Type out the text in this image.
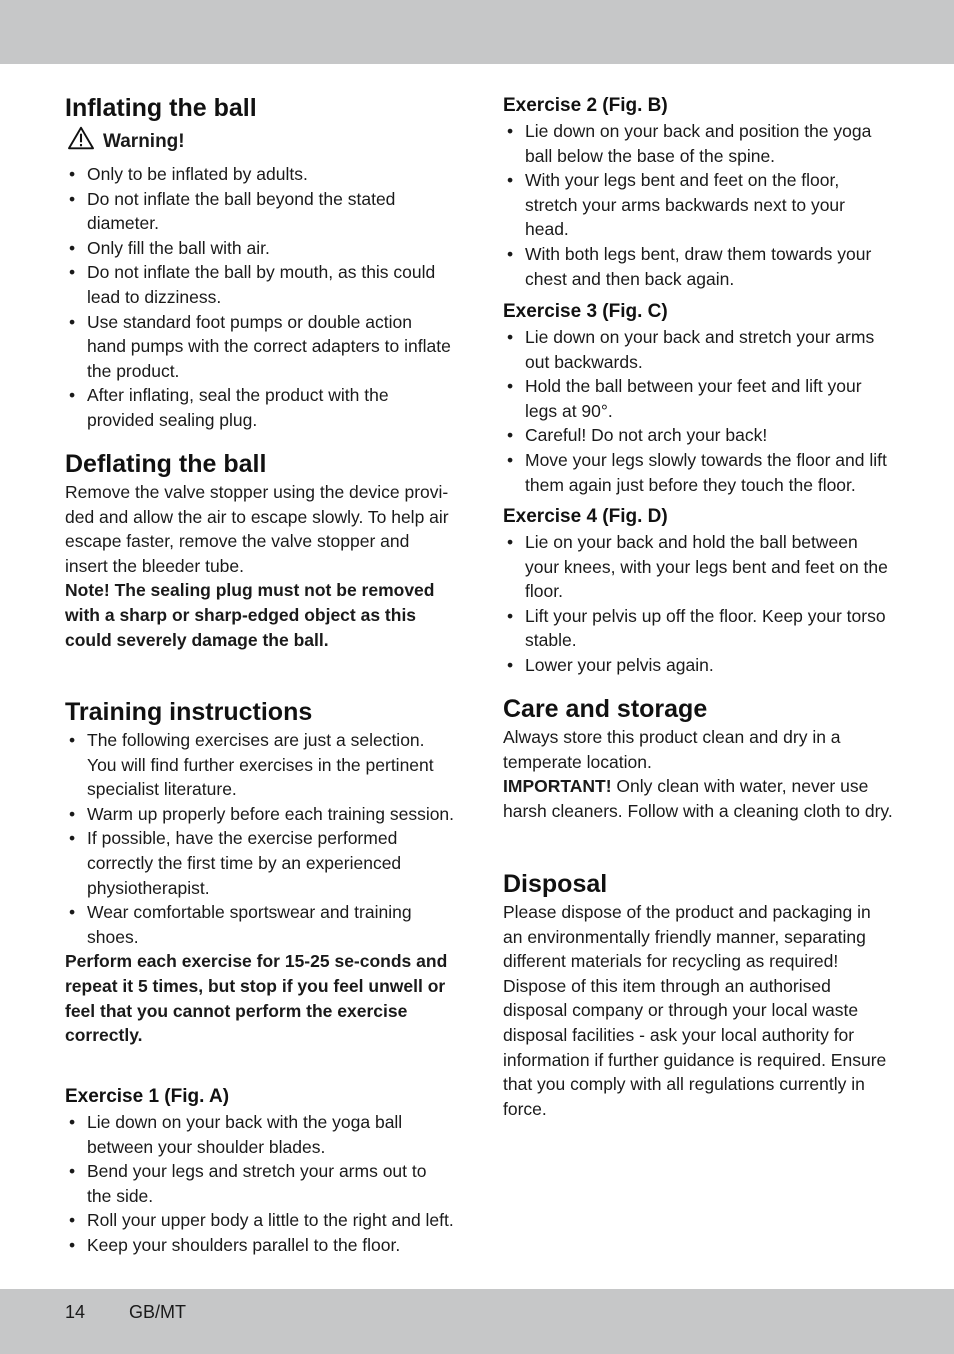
Inflating the ball
Warning!
• Only to be inflated by adults.
• Do not inflate the ball beyond the stated diameter.
• Only fill the ball with air.
• Do not inflate the ball by mouth, as this could lead to dizziness.
• Use standard foot pumps or double action hand pumps with the correct adapters to inflate the product.
• After inflating, seal the product with the provided sealing plug.
Deflating the ball

Remove the valve stopper using the device provi-ded and allow the air to escape slowly. To help air escape faster, remove the valve stopper and insert the bleeder tube.

Note! The sealing plug must not be removed with a sharp or sharp-edged object as this could severely damage the ball.

Training instructions
• The following exercises are just a selection. You will find further exercises in the pertinent specialist literature.
• Warm up properly before each training session.
• If possible, have the exercise performed correctly the first time by an experienced physiotherapist.
• Wear comfortable sportswear and training shoes.

Perform each exercise for 15-25 se-conds and repeat it 5 times, but stop if you feel unwell or feel that you cannot perform the exercise correctly.

Exercise 1 (Fig. A)
• Lie down on your back with the yoga ball between your shoulder blades.
• Bend your legs and stretch your arms out to the side.
• Roll your upper body a little to the right and left.
• Keep your shoulders parallel to the floor.
Exercise 2 (Fig. B)
• Lie down on your back and position the yoga ball below the base of the spine.
• With your legs bent and feet on the floor, stretch your arms backwards next to your head.
• With both legs bent, draw them towards your chest and then back again.
Exercise 3 (Fig. C)
• Lie down on your back and stretch your arms out backwards.
• Hold the ball between your feet and lift your legs at 90°.
• Careful! Do not arch your back!
• Move your legs slowly towards the floor and lift them again just before they touch the floor.
Exercise 4 (Fig. D)
• Lie on your back and hold the ball between your knees, with your legs bent and feet on the floor.
• Lift your pelvis up off the floor. Keep your torso stable.
• Lower your pelvis again.
Care and storage

Always store this product clean and dry in a temperate location.

IMPORTANT! Only clean with water, never use harsh cleaners. Follow with a cleaning cloth to dry.

Disposal

Please dispose of the product and packaging in an environmentally friendly manner, separating different materials for recycling as required! Dispose of this item through an authorised disposal company or through your local waste disposal facilities - ask your local authority for information if further guidance is required. Ensure that you comply with all regulations currently in force.

14 GB/MT
